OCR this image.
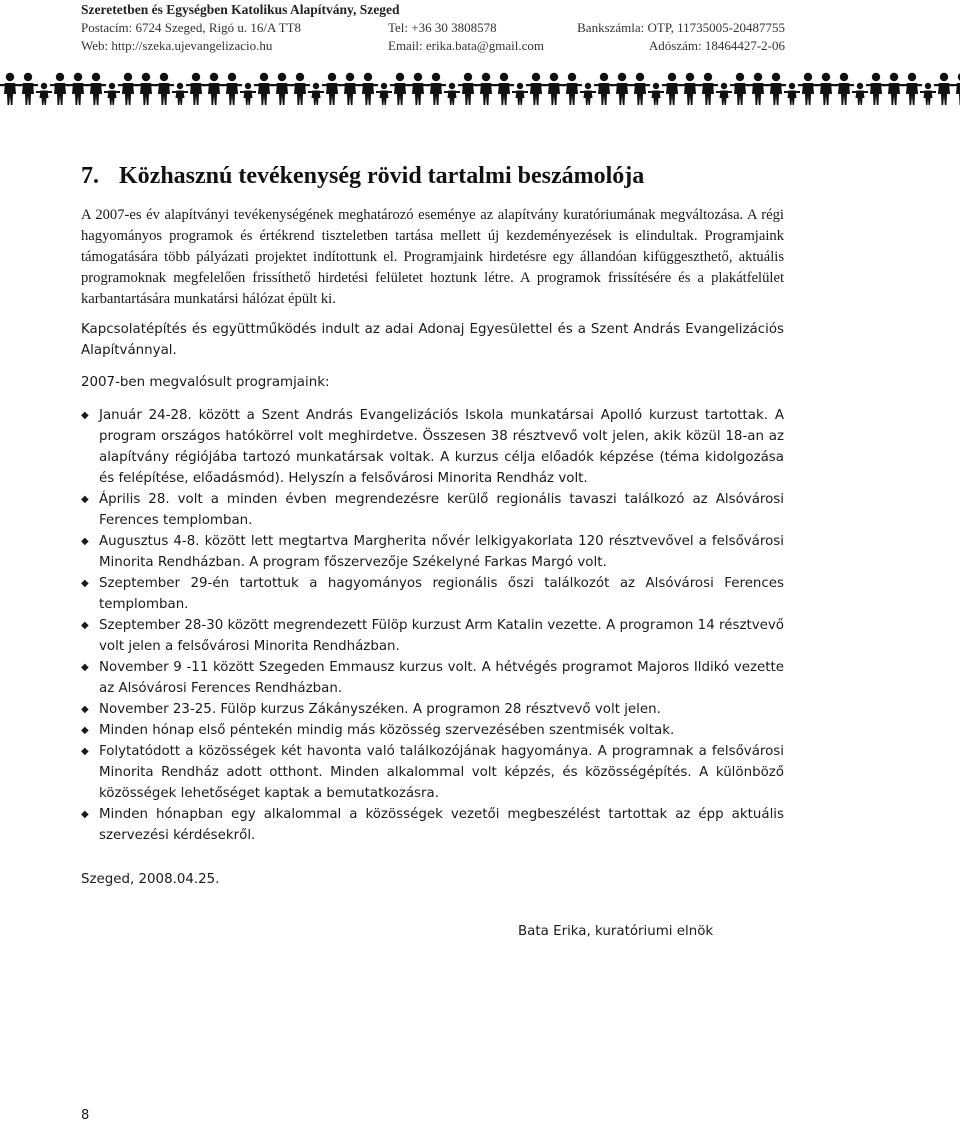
Szeretetben és Egységben Katolikus Alapítvány, Szeged
Postacím: 6724 Szeged, Rigó u. 16/A TT8	Tel: +36 30 3808578	Bankszámla: OTP, 11735005-20487755
Web: http://szeka.ujevangelizacio.hu	Email: erika.bata@gmail.com	Adószám: 18464427-2-06
7. Közhasznú tevékenység rövid tartalmi beszámolója

A 2007-es év alapítványi tevékenységének meghatározó eseménye az alapítvány kuratóriumának megváltozása. A régi hagyományos programok és értékrend tiszteletben tartása mellett új kezdeményezések is elindultak. Programjaink támogatására több pályázati projektet indítottunk el. Programjaink hirdetésre egy állandóan kifüggeszthető, aktuális programoknak megfelelően frissíthető hirdetési felületet hoztunk létre. A programok frissítésére és a plakátfelület karbantartására munkatársi hálózat épült ki.

Kapcsolatépítés és együttműködés indult az adai Adonaj Egyesülettel és a Szent András Evangelizációs Alapítvánnyal.

2007-ben megvalósult programjaink:

◆ Január 24-28. között a Szent András Evangelizációs Iskola munkatársai Apolló kurzust tartottak. A program országos hatókörrel volt meghirdetve. Összesen 38 résztvevő volt jelen, akik közül 18-an az alapítvány régiójába tartozó munkatársak voltak. A kurzus célja előadók képzése (téma kidolgozása és felépítése, előadásmód). Helyszín a felsővárosi Minorita Rendház volt.
◆ Április 28. volt a minden évben megrendezésre kerülő regionális tavaszi találkozó az Alsóvárosi Ferences templomban.
◆ Augusztus 4-8. között lett megtartva Margherita nővér lelkigyakorlata 120 résztvevővel a felsővárosi Minorita Rendházban. A program főszervezője Székelyné Farkas Margó volt.
◆ Szeptember 29-én tartottuk a hagyományos regionális őszi találkozót az Alsóvárosi Ferences templomban.
◆ Szeptember 28-30 között megrendezett Fülöp kurzust Arm Katalin vezette. A programon 14 résztvevő volt jelen a felsővárosi Minorita Rendházban.
◆ November 9 -11 között Szegeden Emmausz kurzus volt. A hétvégés programot Majoros Ildikó vezette az Alsóvárosi Ferences Rendházban.
◆ November 23-25. Fülöp kurzus Zákányszéken. A programon 28 résztvevő volt jelen.
◆ Minden hónap első péntekén mindig más közösség szervezésében szentmisék voltak.
◆ Folytatódott a közösségek két havonta való találkozójának hagyománya. A programnak a felsővárosi Minorita Rendház adott otthont. Minden alkalommal volt képzés, és közösségépítés. A különböző közösségek lehetőséget kaptak a bemutatkozásra.
◆ Minden hónapban egy alkalommal a közösségek vezetői megbeszélést tartottak az épp aktuális szervezési kérdésekről.
Szeged, 2008.04.25.
Bata Erika, kuratóriumi elnök
8
